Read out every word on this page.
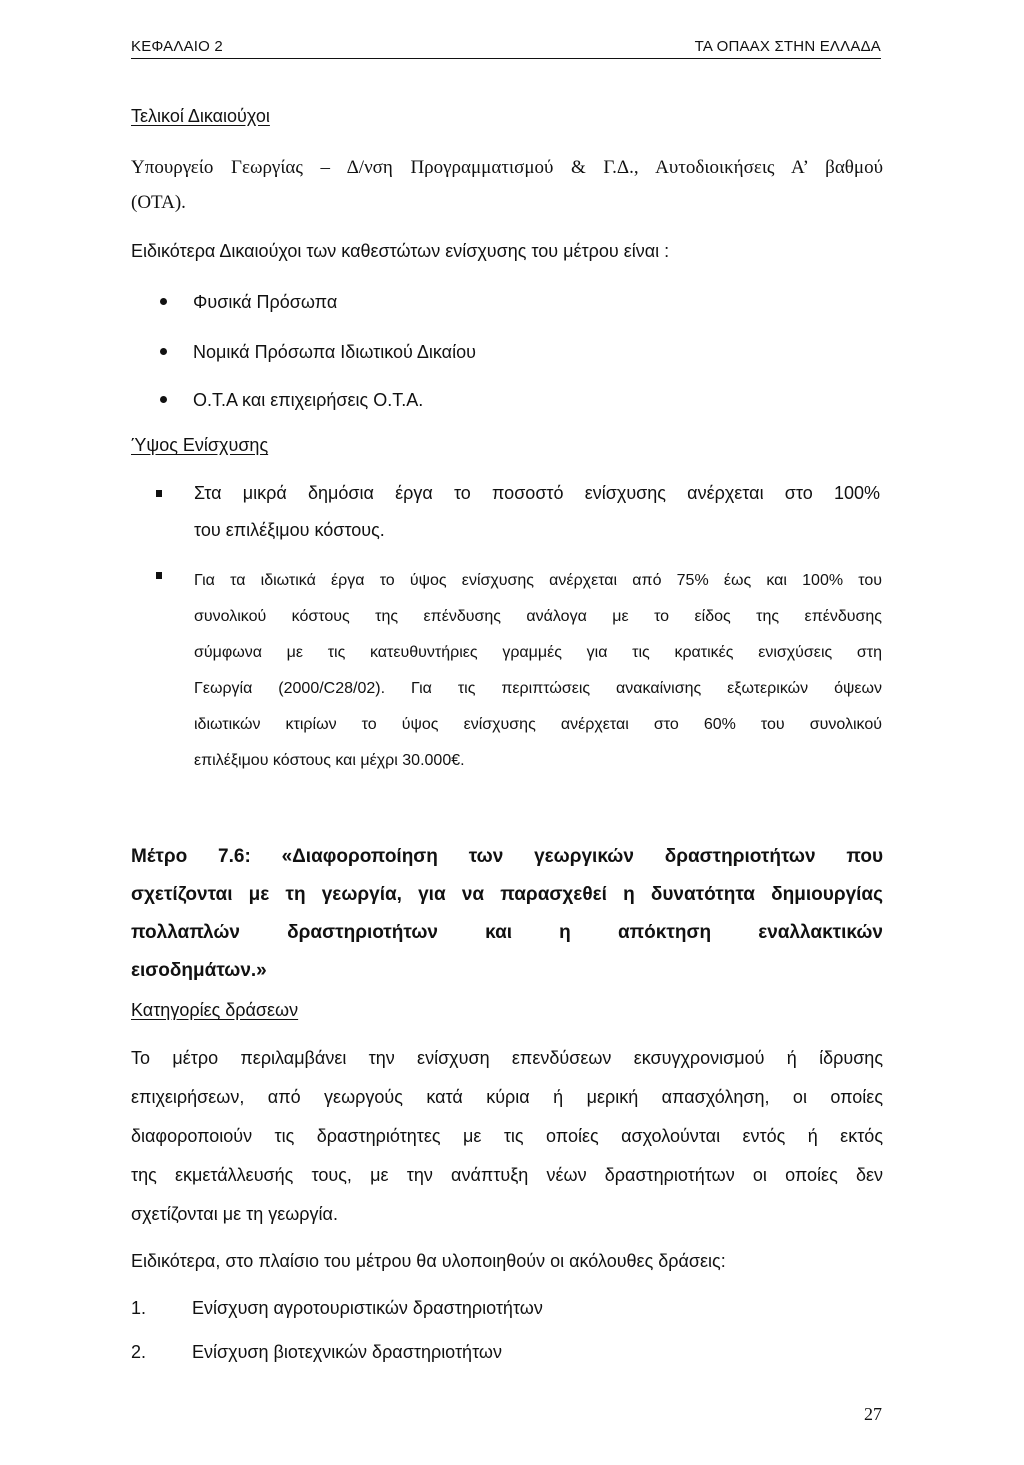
ΚΕΦΑΛΑΙΟ 2	ΤΑ ΟΠΑΑΧ ΣΤΗΝ ΕΛΛΑΔΑ
Τελικοί Δικαιούχοι
Υπουργείο Γεωργίας – Δ/νση Προγραμματισμού & Γ.Δ., Αυτοδιοικήσεις Α’ βαθμού
(ΟΤΑ).
Ειδικότερα Δικαιούχοι των καθεστώτων ενίσχυσης του μέτρου είναι :
Φυσικά Πρόσωπα
Νομικά Πρόσωπα Ιδιωτικού Δικαίου
Ο.Τ.Α και επιχειρήσεις Ο.Τ.Α.
Ύψος Ενίσχυσης
Στα μικρά δημόσια έργα το ποσοστό ενίσχυσης ανέρχεται στο 100%
του επιλέξιμου κόστους.
Για τα ιδιωτικά έργα το ύψος ενίσχυσης ανέρχεται από 75% έως και 100% του
συνολικού κόστους της επένδυσης ανάλογα με το είδος της επένδυσης
σύμφωνα με τις κατευθυντήριες γραμμές για τις κρατικές ενισχύσεις στη
Γεωργία (2000/C28/02). Για τις περιπτώσεις ανακαίνισης εξωτερικών όψεων
ιδιωτικών κτιρίων το ύψος ενίσχυσης ανέρχεται στο 60% του συνολικού
επιλέξιμου κόστους και μέχρι 30.000€.
Μέτρο 7.6: «Διαφοροποίηση των γεωργικών δραστηριοτήτων που
σχετίζονται με τη γεωργία, για να παρασχεθεί η δυνατότητα δημιουργίας
πολλαπλών δραστηριοτήτων και η απόκτηση εναλλακτικών
εισοδημάτων.»
Κατηγορίες δράσεων
Το μέτρο περιλαμβάνει την ενίσχυση επενδύσεων εκσυγχρονισμού ή ίδρυσης
επιχειρήσεων, από γεωργούς κατά κύρια ή μερική απασχόληση, οι οποίες
διαφοροποιούν τις δραστηριότητες με τις οποίες ασχολούνται εντός ή εκτός
της εκμετάλλευσής τους, με την ανάπτυξη νέων δραστηριοτήτων οι οποίες δεν
σχετίζονται με τη γεωργία.
Ειδικότερα, στο πλαίσιο του μέτρου θα υλοποιηθούν οι ακόλουθες δράσεις:
1.	Ενίσχυση αγροτουριστικών δραστηριοτήτων
2.	Ενίσχυση βιοτεχνικών δραστηριοτήτων
27
